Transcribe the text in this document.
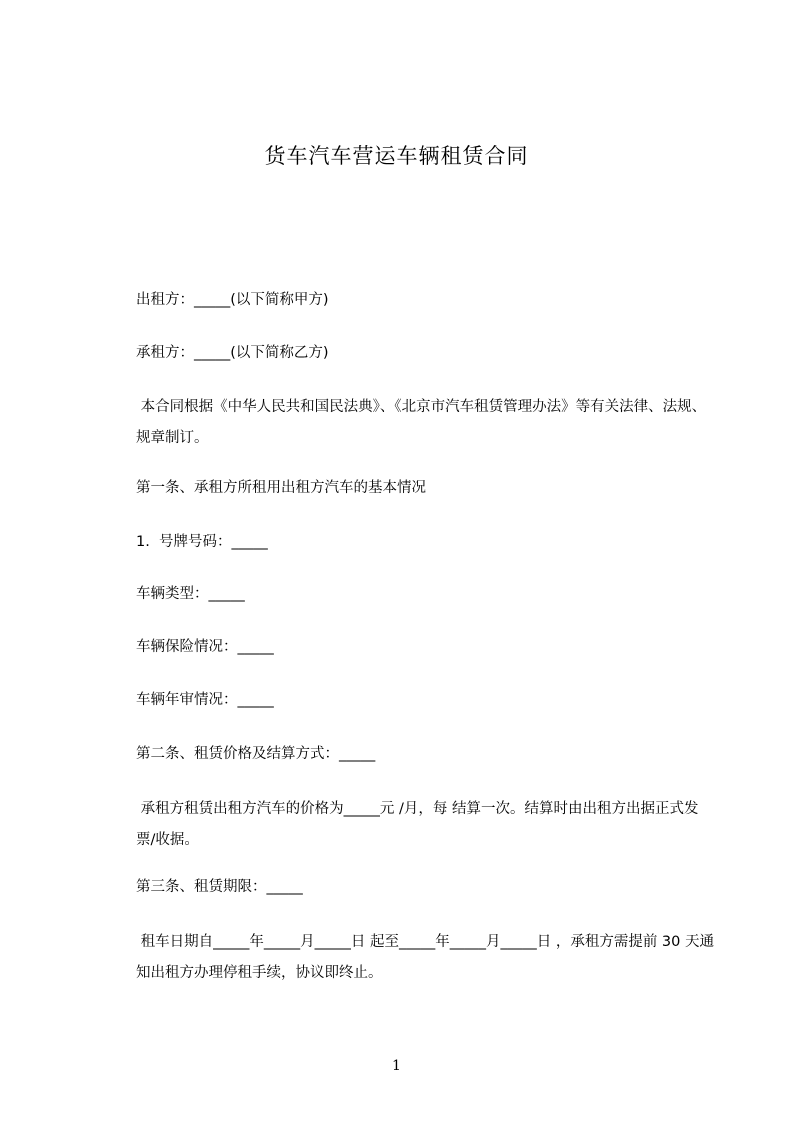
货车汽车营运车辆租赁合同
出租方：_____(以下简称甲方)
承租方：_____(以下简称乙方)
本合同根据《中华人民共和国民法典》、《北京市汽车租赁管理办法》等有关法律、法规、规章制订。
第一条、承租方所租用出租方汽车的基本情况
1.  号牌号码：_____
车辆类型：_____
车辆保险情况：_____
车辆年审情况：_____
第二条、租赁价格及结算方式：_____
承租方租赁出租方汽车的价格为_____元 /月，每 结算一次。结算时由出租方出据正式发票/收据。
第三条、租赁期限：_____
租车日期自_____年_____月_____日 起至_____年_____月_____日 ，承租方需提前 30 天通知出租方办理停租手续，协议即终止。
1
